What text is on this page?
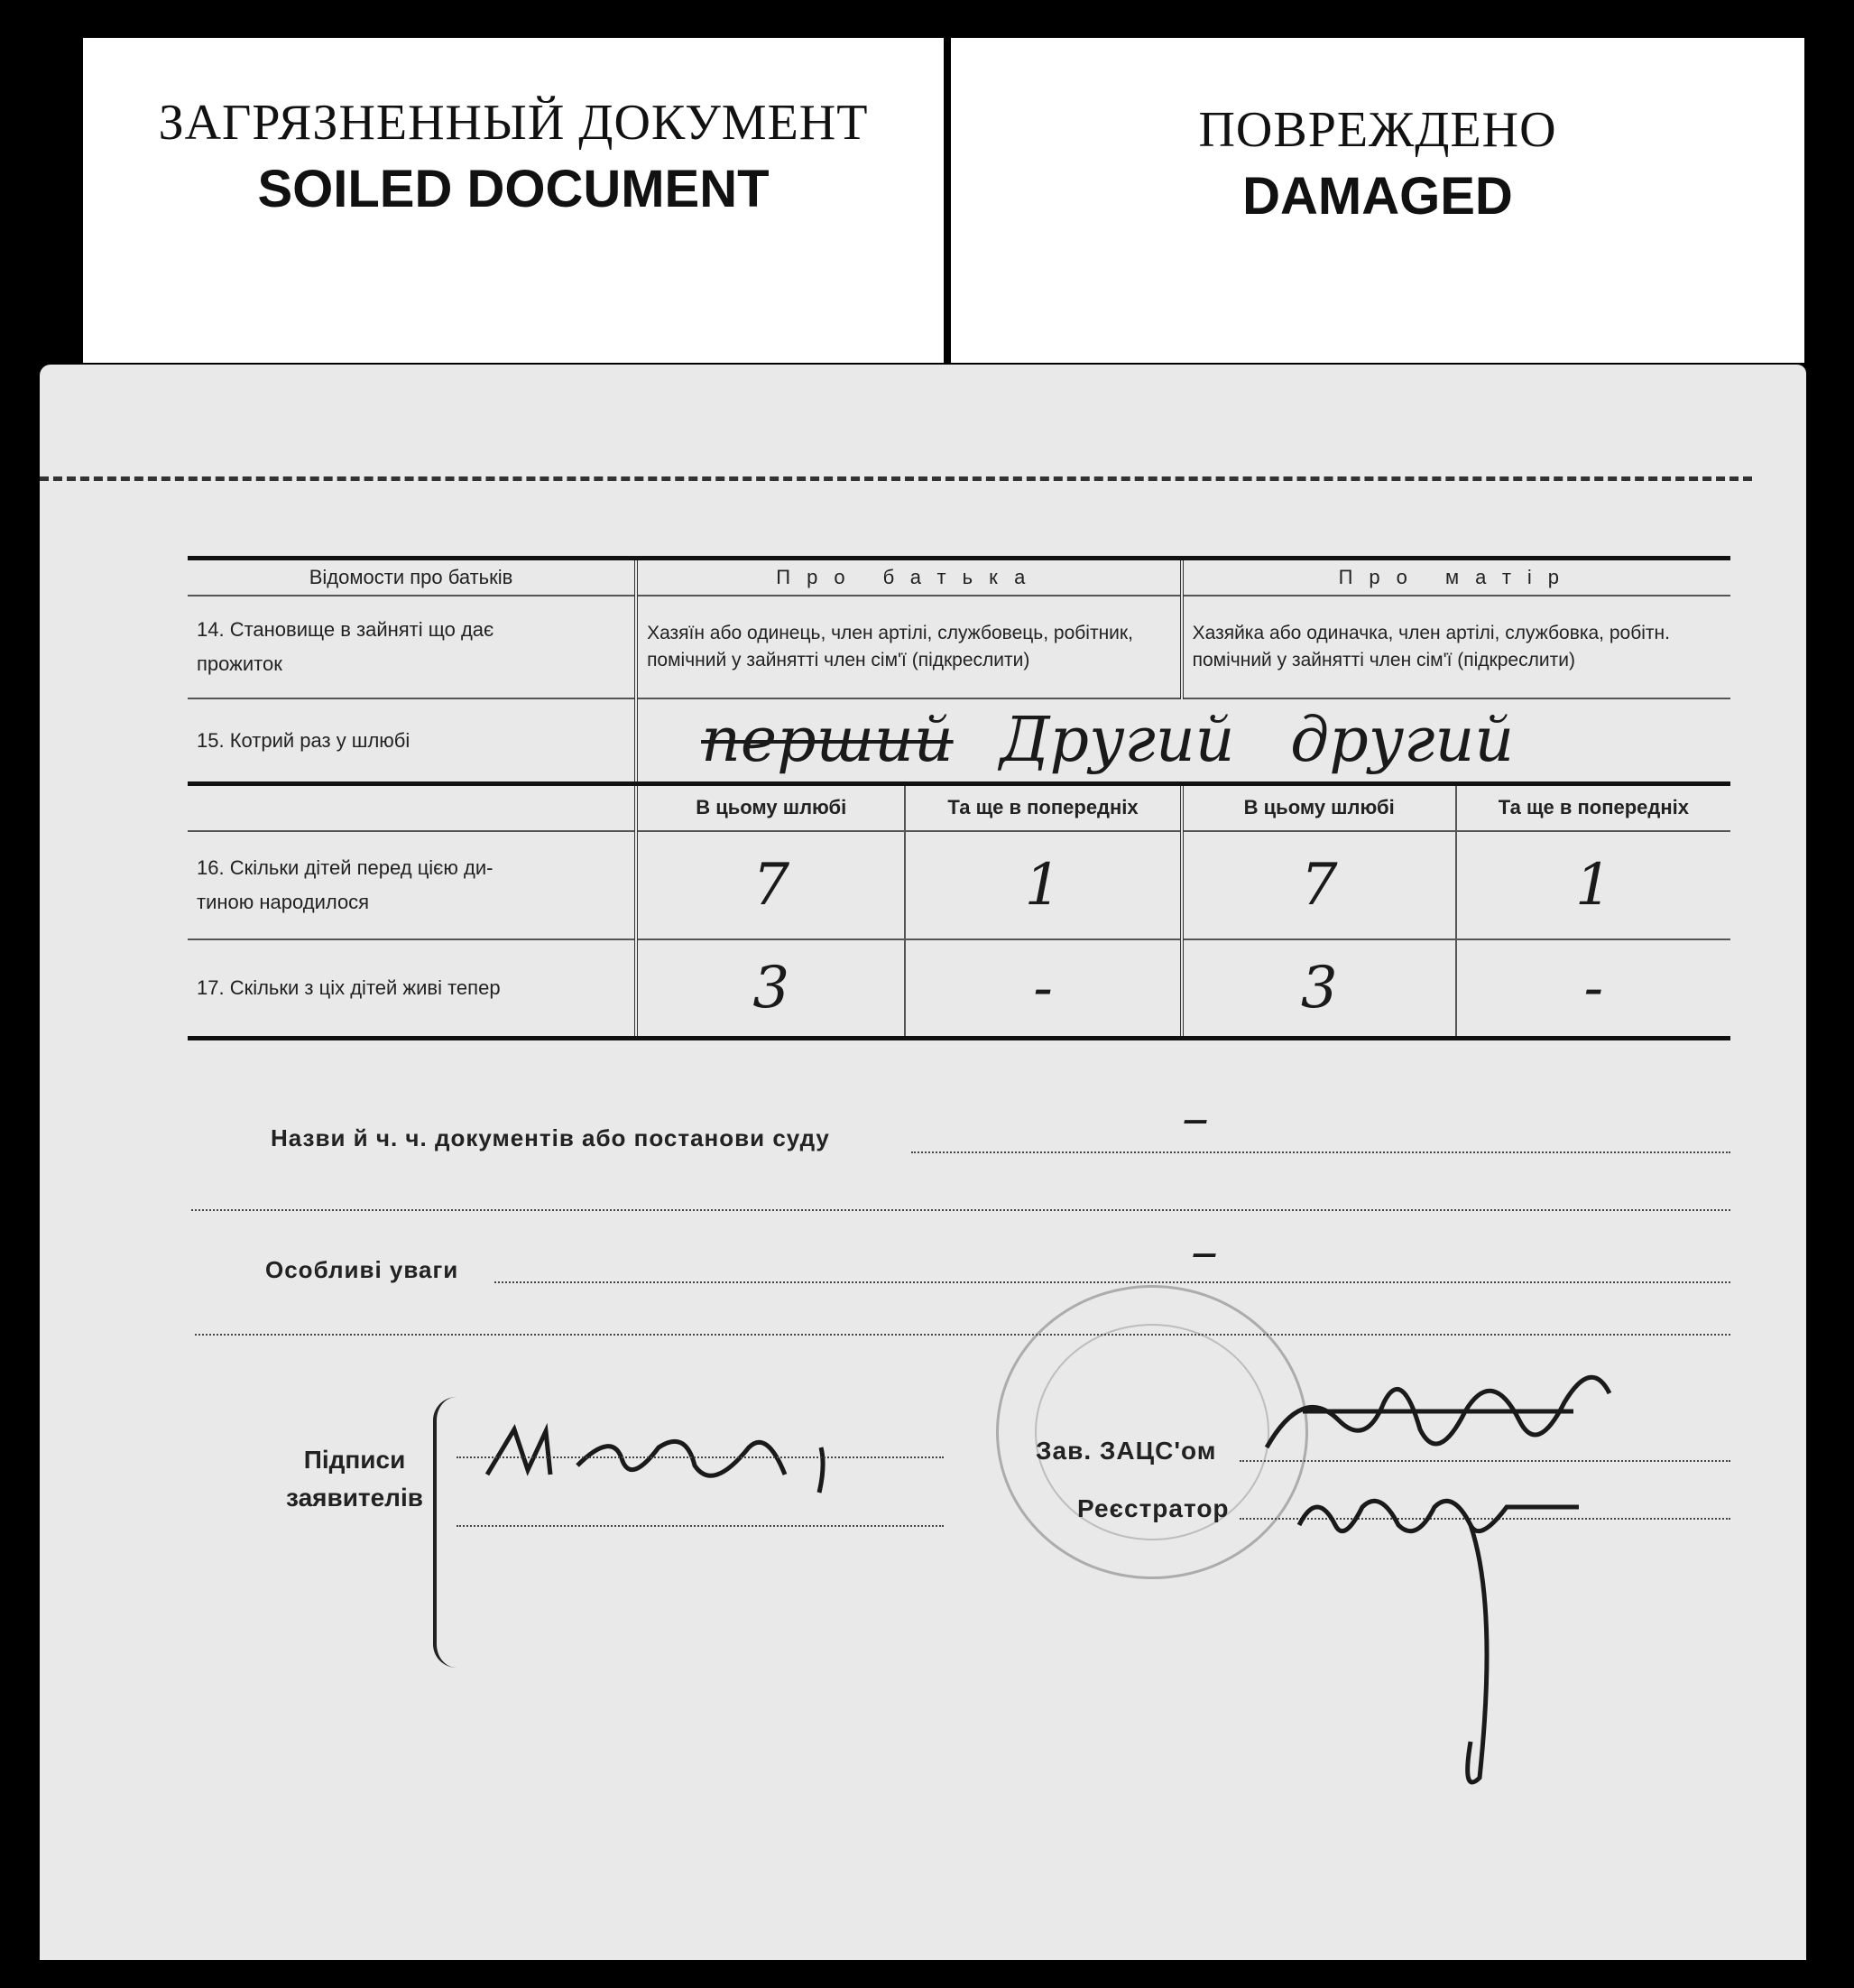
ЗАГРЯЗНЕННЫЙ ДОКУМЕНТ
SOILED DOCUMENT
ПОВРЕЖДЕНО
DAMAGED
Відомости про батьків	Про батька		Про матір	

14. Становище в зайняті що дає
прожиток	Хазяїн або одинець, член артілі, службовець, робітник, помічний у зайнятті член сім'ї (підкреслити)		Хазяйка або одиначка, член артілі, службовка, робітн. помічний у зайнятті член сім'ї (підкреслити)	
15. Котрий раз у шлюбі	перший Другий другий			
	В цьому шлюбі	Та ще в попередніх	В цьому шлюбі	Та ще в попередніх

16. Скільки дітей перед цією ди-
тиною народилося	7	1	7	1
17. Скільки з ціх дітей живі тепер	3	-	3	-
Назви й ч. ч. документів або постанови суду	–
Особливі уваги	–
Підписи
заявителів
Зав. ЗАЦС'ом
Реєстратор
